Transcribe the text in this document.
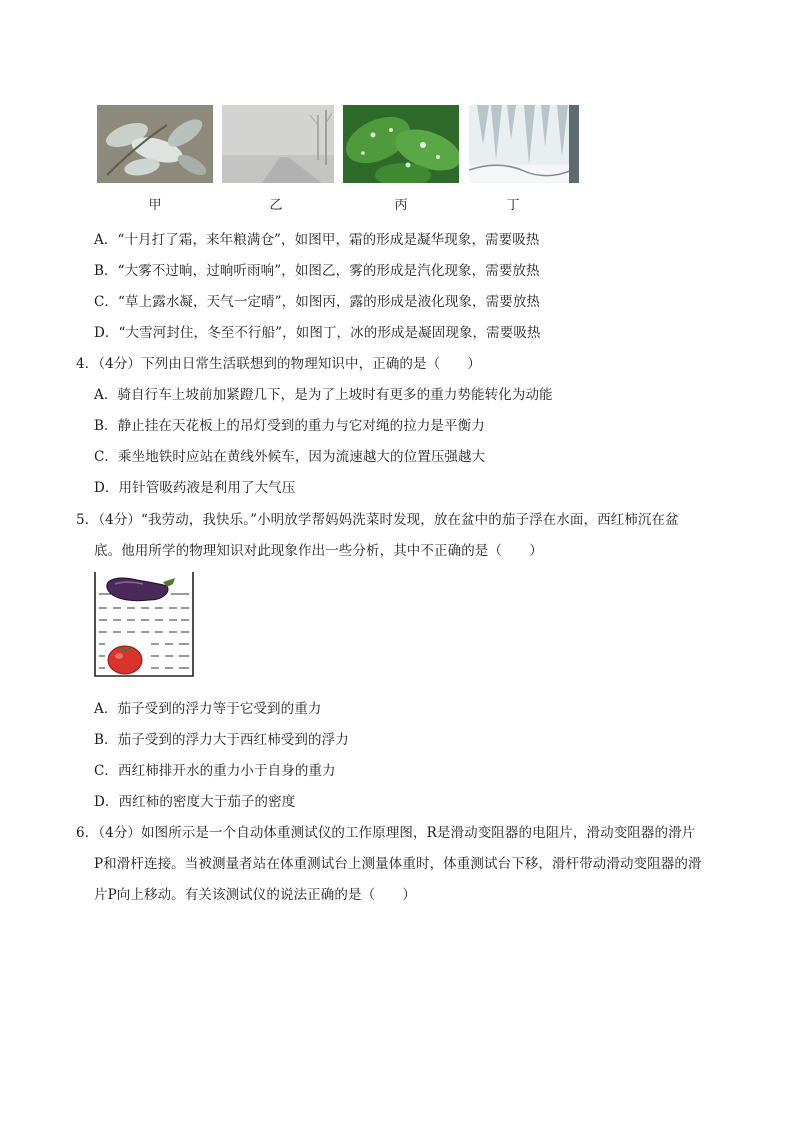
甲	乙	丙	丁
A．“十月打了霜，来年粮满仓”，如图甲，霜的形成是凝华现象，需要吸热
B．“大雾不过晌，过晌听雨响”，如图乙，雾的形成是汽化现象，需要放热
C．“草上露水凝，天气一定晴”，如图丙，露的形成是液化现象，需要放热
D．“大雪河封住，冬至不行船”，如图丁，冰的形成是凝固现象，需要吸热
4．（4分）下列由日常生活联想到的物理知识中，正确的是（　　）
A．骑自行车上坡前加紧蹬几下，是为了上坡时有更多的重力势能转化为动能
B．静止挂在天花板上的吊灯受到的重力与它对绳的拉力是平衡力
C．乘坐地铁时应站在黄线外候车，因为流速越大的位置压强越大
D．用针管吸药液是利用了大气压
5．（4分）“我劳动，我快乐。”小明放学帮妈妈洗菜时发现，放在盆中的茄子浮在水面，西红柿沉在盆
底。他用所学的物理知识对此现象作出一些分析，其中不正确的是（　　）
A．茄子受到的浮力等于它受到的重力
B．茄子受到的浮力大于西红柿受到的浮力
C．西红柿排开水的重力小于自身的重力
D．西红柿的密度大于茄子的密度
6．（4分）如图所示是一个自动体重测试仪的工作原理图，R是滑动变阻器的电阻片，滑动变阻器的滑片
P和滑杆连接。当被测量者站在体重测试台上测量体重时，体重测试台下移，滑杆带动滑动变阻器的滑
片P向上移动。有关该测试仪的说法正确的是（　　）
